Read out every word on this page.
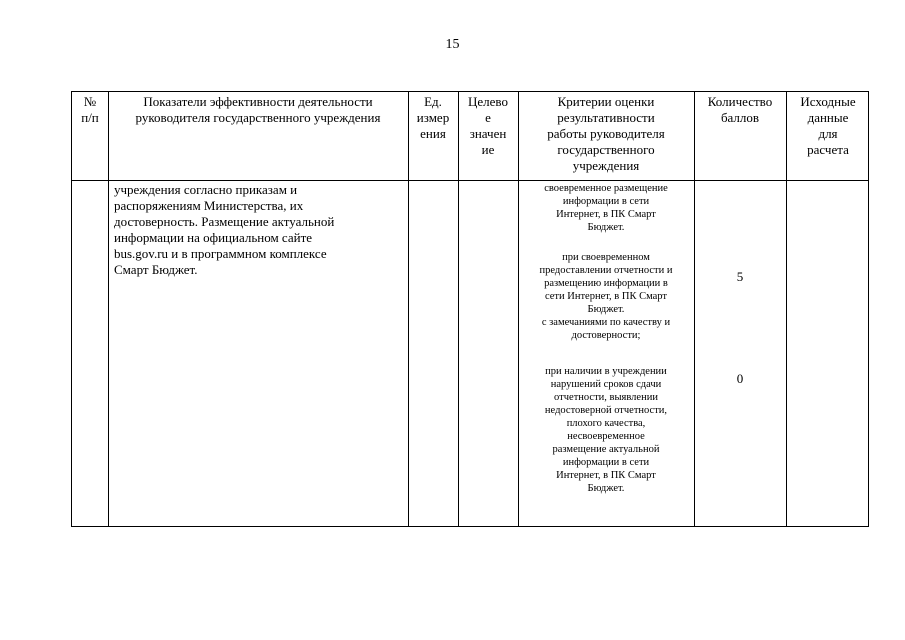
15
№
п/п
Показатели эффективности деятельности
руководителя государственного учреждения
Ед.
измер
ения
Целево
е
значен
ие
Критерии оценки
результативности
работы руководителя
государственного
учреждения
Количество
баллов
Исходные
данные
для
расчета
учреждения согласно приказам и
распоряжениям Министерства, их
достоверность. Размещение актуальной
информации на официальном сайте
bus.gov.ru и в программном комплексе
Смарт Бюджет.

своевременное размещение

информации в сети

Интернет, в ПК Смарт

Бюджет.

при своевременном

предоставлении отчетности и

размещению информации в

сети Интернет, в ПК Смарт

Бюджет.

с замечаниями по качеству и

достоверности;

при наличии в учреждении

нарушений сроков сдачи

отчетности, выявлении

недостоверной отчетности,

плохого качества,

несвоевременное

размещение актуальной

информации в сети

Интернет, в ПК Смарт

Бюджет.

5
0
